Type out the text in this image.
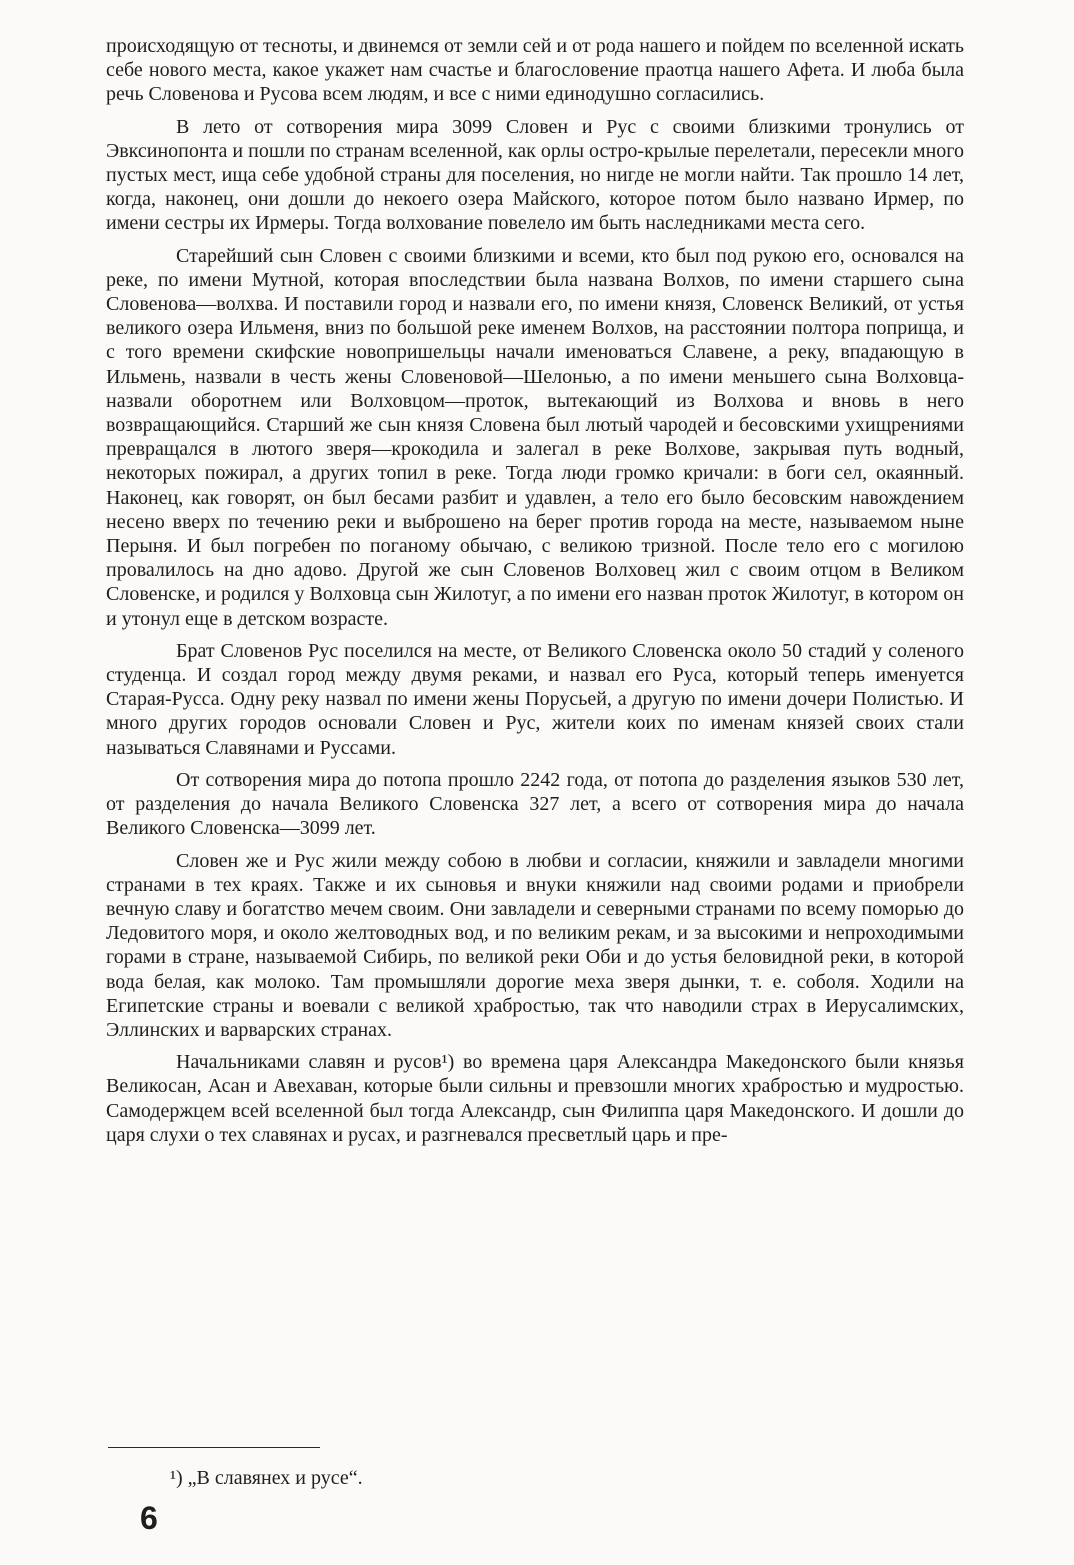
происходящую от тесноты, и двинемся от земли сей и от рода нашего и пойдем по вселенной искать себе нового места, какое укажет нам счастье и благословение праотца нашего Афета. И люба была речь Словенова и Русова всем людям, и все с ними единодушно согласились.

В лето от сотворения мира 3099 Словен и Рус с своими близкими тронулись от Эвксинопонта и пошли по странам вселенной, как орлы остро-крылые перелетали, пересекли много пустых мест, ища себе удобной страны для поселения, но нигде не могли найти. Так прошло 14 лет, когда, наконец, они дошли до некоего озера Майского, которое потом было названо Ирмер, по имени сестры их Ирмеры. Тогда волхование повелело им быть наследниками места сего.

Старейший сын Словен с своими близкими и всеми, кто был под рукою его, основался на реке, по имени Мутной, которая впоследствии была названа Волхов, по имени старшего сына Словенова—волхва. И поставили город и назвали его, по имени князя, Словенск Великий, от устья великого озера Ильменя, вниз по большой реке именем Волхов, на расстоянии полтора поприща, и с того времени скифские новопришельцы начали именоваться Славене, а реку, впадающую в Ильмень, назвали в честь жены Словеновой—Шелонью, а по имени меньшего сына Волховца-назвали оборотнем или Волховцом—проток, вытекающий из Волхова и вновь в него возвращающийся. Старший же сын князя Словена был лютый чародей и бесовскими ухищрениями превращался в лютого зверя—крокодила и залегал в реке Волхове, закрывая путь водный, некоторых пожирал, а других топил в реке. Тогда люди громко кричали: в боги сел, окаянный. Наконец, как говорят, он был бесами разбит и удавлен, а тело его было бесовским навождением несено вверх по течению реки и выброшено на берег против города на месте, называемом ныне Перыня. И был погребен по поганому обычаю, с великою тризной. После тело его с могилою провалилось на дно адово. Другой же сын Словенов Волховец жил с своим отцом в Великом Словенске, и родился у Волховца сын Жилотуг, а по имени его назван проток Жилотуг, в котором он и утонул еще в детском возрасте.

Брат Словенов Рус поселился на месте, от Великого Словенска около 50 стадий у соленого студенца. И создал город между двумя реками, и назвал его Руса, который теперь именуется Старая-Русса. Одну реку назвал по имени жены Порусьей, а другую по имени дочери Полистью. И много других городов основали Словен и Рус, жители коих по именам князей своих стали называться Славянами и Руссами.

От сотворения мира до потопа прошло 2242 года, от потопа до разделения языков 530 лет, от разделения до начала Великого Словенска 327 лет, а всего от сотворения мира до начала Великого Словенска—3099 лет.

Словен же и Рус жили между собою в любви и согласии, княжили и завладели многими странами в тех краях. Также и их сыновья и внуки княжили над своими родами и приобрели вечную славу и богатство мечем своим. Они завладели и северными странами по всему поморью до Ледовитого моря, и около желтоводных вод, и по великим рекам, и за высокими и непроходимыми горами в стране, называемой Сибирь, по великой реки Оби и до устья беловидной реки, в которой вода белая, как молоко. Там промышляли дорогие меха зверя дынки, т. е. соболя. Ходили на Египетские страны и воевали с великой храбростью, так что наводили страх в Иерусалимских, Эллинских и варварских странах.

Начальниками славян и русов¹) во времена царя Александра Македонского были князья Великосан, Асан и Авехаван, которые были сильны и превзошли многих храбростью и мудростью. Самодержцем всей вселенной был тогда Александр, сын Филиппа царя Македонского. И дошли до царя слухи о тех славянах и русах, и разгневался пресветлый царь и пре-

¹) „В славянех и русе“.
6
